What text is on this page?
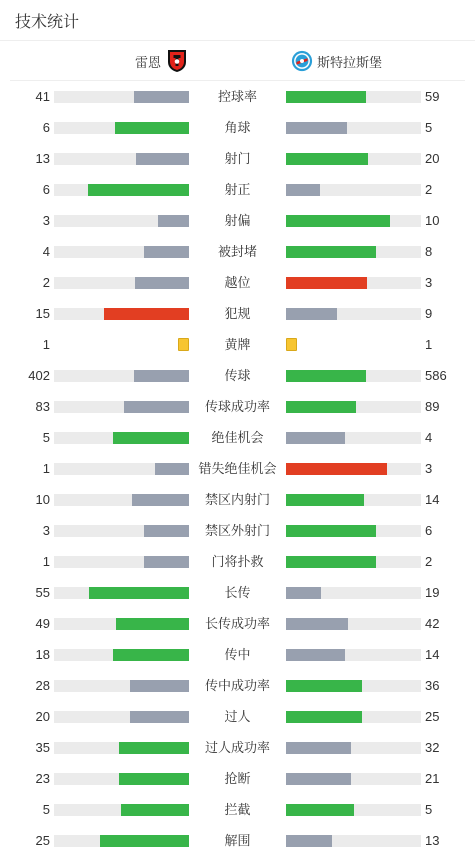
技术统计
雷恩	斯特拉斯堡
41	控球率	59
6	角球	5
13	射门	20
6	射正	2
3	射偏	10
4	被封堵	8
2	越位	3
15	犯规	9
1	黄牌	1
402	传球	586
83	传球成功率	89
5	绝佳机会	4
1	错失绝佳机会	3
10	禁区内射门	14
3	禁区外射门	6
1	门将扑救	2
55	长传	19
49	长传成功率	42
18	传中	14
28	传中成功率	36
20	过人	25
35	过人成功率	32
23	抢断	21
5	拦截	5
25	解围	13
